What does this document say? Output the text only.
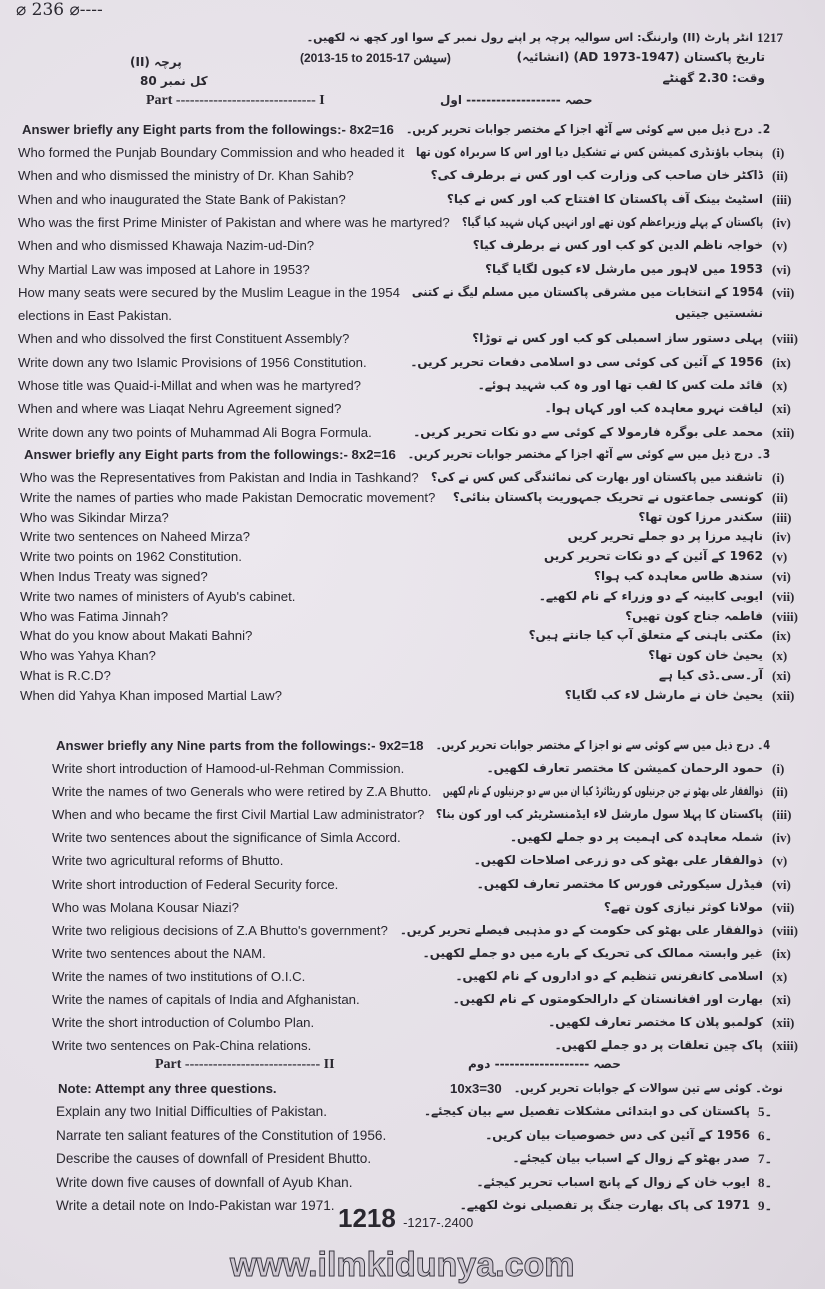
⌀ 236 ⌀----
www.ilmkidunya.com
1217
انٹر پارٹ (II) وارننگ: اس سوالیہ پرچہ پر اپنے رول نمبر کے سوا اور کچھ نہ لکھیں۔
تاریخ پاکستان (1947-1973 AD) (انشائیہ)
(2013-15 to 2015-17 سیشن)
وقت: 2.30 گھنٹے
پرچہ (II)
کل نمبر 80
Part ------------------------------ I	حصہ ------------------- اول
Answer briefly any Eight parts from the followings:- 8x2=16 2۔ درج ذیل میں سے کوئی سے آٹھ اجزا کے مختصر جوابات تحریر کریں۔
Who formed the Punjab Boundary Commission and who headed it پنجاب باؤنڈری کمیشن کس نے تشکیل دیا اور اس کا سربراہ کون تھا (i)
When and who dismissed the ministry of Dr. Khan Sahib?	ڈاکٹر خان صاحب کی وزارت کب اور کس نے برطرف کی؟ (ii)
When and who inaugurated the State Bank of Pakistan?	اسٹیٹ بینک آف پاکستان کا افتتاح کب اور کس نے کیا؟ (iii)
Who was the first Prime Minister of Pakistan and where was he martyred? پاکستان کے پہلے وزیراعظم کون تھے اور انہیں کہاں شہید کیا گیا؟ (iv)
When and who dismissed Khawaja Nazim-ud-Din?	خواجہ ناظم الدین کو کب اور کس نے برطرف کیا؟ (v)
Why Martial Law was imposed at Lahore in 1953?	1953 میں لاہور میں مارشل لاء کیوں لگایا گیا؟ (vi)
How many seats were secured by the Muslim League in the 1954 1954 کے انتخابات میں مشرقی پاکستان میں مسلم لیگ نے کتنی (vii)
elections in East Pakistan.	نشستیں جیتیں
When and who dissolved the first Constituent Assembly?	پہلی دستور ساز اسمبلی کو کب اور کس نے توڑا؟ (viii)
Write down any two Islamic Provisions of 1956 Constitution.	1956 کے آئین کی کوئی سی دو اسلامی دفعات تحریر کریں۔ (ix)
Whose title was Quaid-i-Millat and when was he martyred?	قائد ملت کس کا لقب تھا اور وہ کب شہید ہوئے۔ (x)
When and where was Liaqat Nehru Agreement signed?	لیاقت نہرو معاہدہ کب اور کہاں ہوا۔ (xi)
Write down any two points of Muhammad Ali Bogra Formula.	محمد علی بوگرہ فارمولا کے کوئی سے دو نکات تحریر کریں۔ (xii)
Answer briefly any Eight parts from the followings:- 8x2=16 3۔ درج ذیل میں سے کوئی سے آٹھ اجزا کے مختصر جوابات تحریر کریں۔
Who was the Representatives from Pakistan and India in Tashkand? تاشقند میں پاکستان اور بھارت کی نمائندگی کس کس نے کی؟ (i)
Write the names of parties who made Pakistan Democratic movement? کونسی جماعتوں نے تحریک جمہوریت پاکستان بنائی؟ (ii)
Who was Sikindar Mirza?	سکندر مرزا کون تھا؟ (iii)
Write two sentences on Naheed Mirza?	ناہید مرزا پر دو جملے تحریر کریں (iv)
Write two points on 1962 Constitution.	1962 کے آئین کے دو نکات تحریر کریں (v)
When Indus Treaty was signed?	سندھ طاس معاہدہ کب ہوا؟ (vi)
Write two names of ministers of Ayub's cabinet.	ایوبی کابینہ کے دو وزراء کے نام لکھیے۔ (vii)
Who was Fatima Jinnah?	فاطمہ جناح کون تھیں؟ (viii)
What do you know about Makati Bahni?	مکتی باہنی کے متعلق آپ کیا جانتے ہیں؟ (ix)
Who was Yahya Khan?	یحییٰ خان کون تھا؟ (x)
What is R.C.D?	آر۔سی۔ڈی کیا ہے (xi)
When did Yahya Khan imposed Martial Law?	یحییٰ خان نے مارشل لاء کب لگایا؟ (xii)
Answer briefly any Nine parts from the followings:- 9x2=18 4۔ درج ذیل میں سے کوئی سے نو اجزا کے مختصر جوابات تحریر کریں۔
Write short introduction of Hamood-ul-Rehman Commission.	حمود الرحمان کمیشن کا مختصر تعارف لکھیں۔ (i)
Write the names of two Generals who were retired by Z.A Bhutto. ذوالفقار علی بھٹو نے جن جرنیلوں کو ریٹائرڈ کیا ان میں سے دو جرنیلوں کے نام لکھیں (ii)
When and who became the first Civil Martial Law administrator? پاکستان کا پہلا سول مارشل لاء ایڈمنسٹریٹر کب اور کون بنا؟ (iii)
Write two sentences about the significance of Simla Accord.	شملہ معاہدہ کی اہمیت پر دو جملے لکھیں۔ (iv)
Write two agricultural reforms of Bhutto.	ذوالفقار علی بھٹو کی دو زرعی اصلاحات لکھیں۔ (v)
Write short introduction of Federal Security force.	فیڈرل سیکورٹی فورس کا مختصر تعارف لکھیں۔ (vi)
Who was Molana Kousar Niazi?	مولانا کوثر نیازی کون تھے؟ (vii)
Write two religious decisions of Z.A Bhutto's government? ذوالفقار علی بھٹو کی حکومت کے دو مذہبی فیصلے تحریر کریں۔ (viii)
Write two sentences about the NAM.	غیر وابستہ ممالک کی تحریک کے بارے میں دو جملے لکھیں۔ (ix)
Write the names of two institutions of O.I.C.	اسلامی کانفرنس تنظیم کے دو اداروں کے نام لکھیں۔ (x)
Write the names of capitals of India and Afghanistan.	بھارت اور افغانستان کے دارالحکومتوں کے نام لکھیں۔ (xi)
Write the short introduction of Columbo Plan.	کولمبو پلان کا مختصر تعارف لکھیں۔ (xii)
Write two sentences on Pak-China relations.	پاک چین تعلقات پر دو جملے لکھیں۔ (xiii)
Explain any two Initial Difficulties of Pakistan.	پاکستان کی دو ابتدائی مشکلات تفصیل سے بیان کیجئے۔ 5۔
Narrate ten saliant features of the Constitution of 1956.	1956 کے آئین کی دس خصوصیات بیان کریں۔ 6۔
Describe the causes of downfall of President Bhutto.	صدر بھٹو کے زوال کے اسباب بیان کیجئے۔ 7۔
Write down five causes of downfall of Ayub Khan.	ایوب خان کے زوال کے پانچ اسباب تحریر کیجئے۔ 8۔
Write a detail note on Indo-Pakistan war 1971.	1971 کی پاک بھارت جنگ پر تفصیلی نوٹ لکھیے۔ 9۔
Part ----------------------------- II	حصہ ------------------- دوم
Note: Attempt any three questions.	10x3=30 نوٹ۔ کوئی سے تین سوالات کے جوابات تحریر کریں۔
1218 -1217-.2400
